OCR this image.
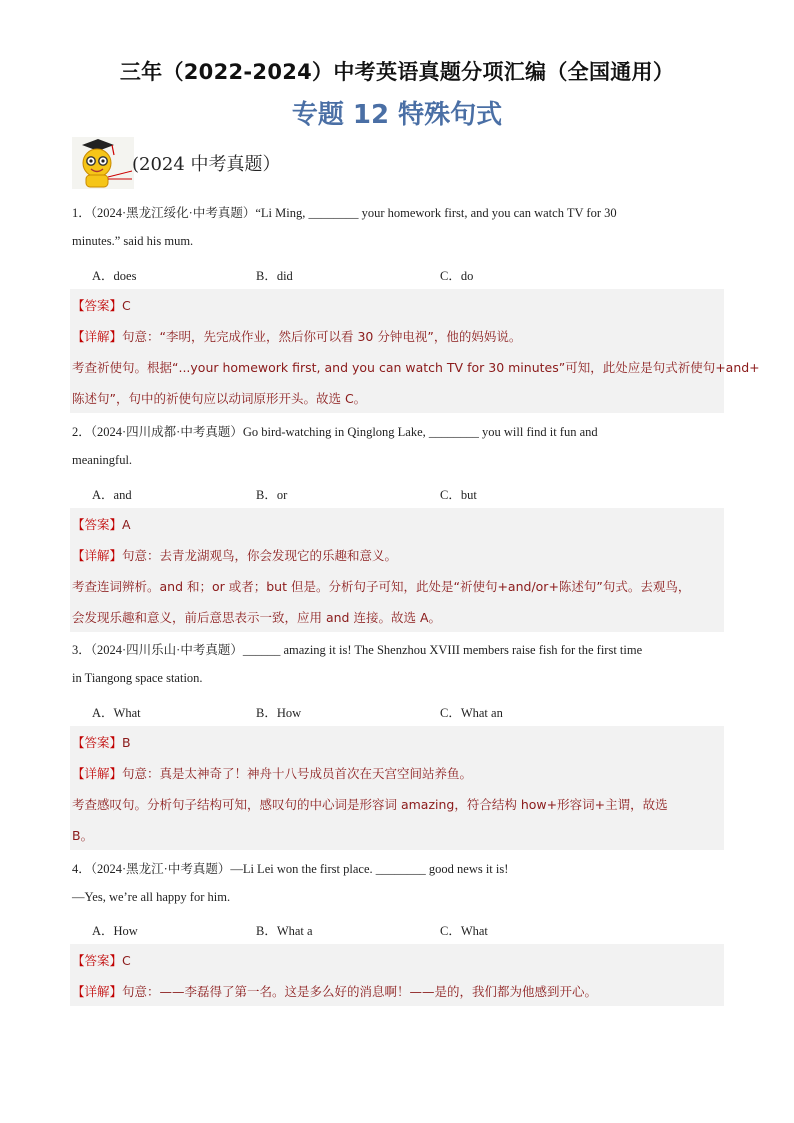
三年（2022-2024）中考英语真题分项汇编（全国通用）
专题 12 特殊句式
(2024 中考真题）
1．（2024·黑龙江绥化·中考真题）“Li Ming, ________ your homework first, and you can watch TV for 30
minutes.” said his mum.
A．does	B．did	C．do
【答案】C
【详解】句意：“李明，先完成作业，然后你可以看 30 分钟电视”，他的妈妈说。
考查祈使句。根据“...your homework first, and you can watch TV for 30 minutes”可知，此处应是句式祈使句+and+
陈述句”，句中的祈使句应以动词原形开头。故选 C。
2．（2024·四川成都·中考真题）Go bird-watching in Qinglong Lake, ________ you will find it fun and
meaningful.
A．and	B．or	C．but
【答案】A
【详解】句意：去青龙湖观鸟，你会发现它的乐趣和意义。
考查连词辨析。and 和；or 或者；but 但是。分析句子可知，此处是“祈使句+and/or+陈述句”句式。去观鸟，
会发现乐趣和意义，前后意思表示一致，应用 and 连接。故选 A。
3．（2024·四川乐山·中考真题）______ amazing it is! The Shenzhou XVIII members raise fish for the first time
in Tiangong space station.
A．What	B．How	C．What an
【答案】B
【详解】句意：真是太神奇了！神舟十八号成员首次在天宫空间站养鱼。
考查感叹句。分析句子结构可知，感叹句的中心词是形容词 amazing，符合结构 how+形容词+主谓，故选
B。
4．（2024·黑龙江·中考真题）—Li Lei won the first place. ________ good news it is!
—Yes, we’re all happy for him.
A．How	B．What a	C．What
【答案】C
【详解】句意：——李磊得了第一名。这是多么好的消息啊！——是的，我们都为他感到开心。
